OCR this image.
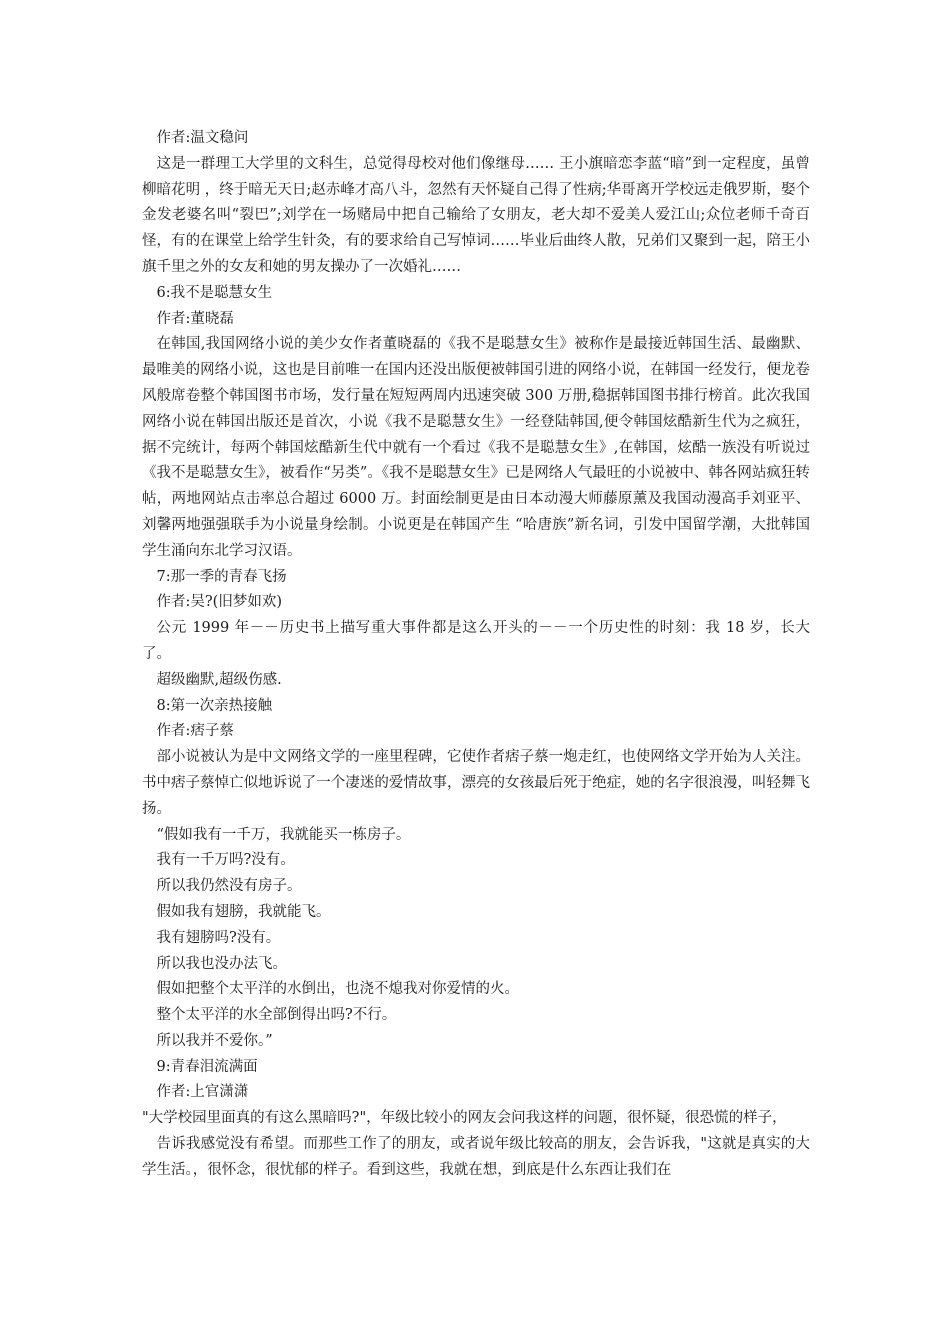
作者:温文稳问

这是一群理工大学里的文科生，总觉得母校对他们像继母…… 王小旗暗恋李蓝“暗”到一定程度，虽曾柳暗花明 ，终于暗无天日;赵赤峰才高八斗，忽然有天怀疑自己得了性病;华哥离开学校远走俄罗斯，娶个金发老婆名叫“裂巴”;刘学在一场赌局中把自己输给了女朋友，老大却不爱美人爱江山;众位老师千奇百怪，有的在课堂上给学生针灸，有的要求给自己写悼词……毕业后曲终人散，兄弟们又聚到一起，陪王小旗千里之外的女友和她的男友操办了一次婚礼……

6:我不是聪慧女生

作者:董晓磊

在韩国,我国网络小说的美少女作者董晓磊的《我不是聪慧女生》被称作是最接近韩国生活、最幽默、最唯美的网络小说，这也是目前唯一在国内还没出版便被韩国引进的网络小说，在韩国一经发行，便龙卷风般席卷整个韩国图书市场，发行量在短短两周内迅速突破 300 万册,稳据韩国图书排行榜首。此次我国网络小说在韩国出版还是首次，小说《我不是聪慧女生》一经登陆韩国,便令韩国炫酷新生代为之疯狂，据不完统计，每两个韩国炫酷新生代中就有一个看过《我不是聪慧女生》,在韩国，炫酷一族没有听说过《我不是聪慧女生》，被看作“另类”。《我不是聪慧女生》已是网络人气最旺的小说被中、韩各网站疯狂转帖，两地网站点击率总合超过 6000 万。封面绘制更是由日本动漫大师藤原薰及我国动漫高手刘亚平、刘馨两地强强联手为小说量身绘制。小说更是在韩国产生 “哈唐族”新名词，引发中国留学潮，大批韩国学生涌向东北学习汉语。

7:那一季的青春飞扬

作者:吴?(旧梦如欢)

公元 1999 年－－历史书上描写重大事件都是这么开头的－－一个历史性的时刻：我 18 岁，长大了。

超级幽默,超级伤感.

8:第一次亲热接触

作者:痞子蔡

部小说被认为是中文网络文学的一座里程碑，它使作者痞子蔡一炮走红，也使网络文学开始为人关注。书中痞子蔡悼亡似地诉说了一个凄迷的爱情故事，漂亮的女孩最后死于绝症，她的名字很浪漫，叫轻舞飞扬。

“假如我有一千万，我就能买一栋房子。

我有一千万吗?没有。

所以我仍然没有房子。

假如我有翅膀，我就能飞。

我有翅膀吗?没有。

所以我也没办法飞。

假如把整个太平洋的水倒出，也浇不熄我对你爱情的火。

整个太平洋的水全部倒得出吗?不行。

所以我并不爱你。”

9:青春泪流满面

作者:上官潇潇

"大学校园里面真的有这么黑暗吗?"，年级比较小的网友会问我这样的问题，很怀疑，很恐慌的样子，

告诉我感觉没有希望。而那些工作了的朋友，或者说年级比较高的朋友，会告诉我，"这就是真实的大学生活。，很怀念，很忧郁的样子。看到这些，我就在想，到底是什么东西让我们在
